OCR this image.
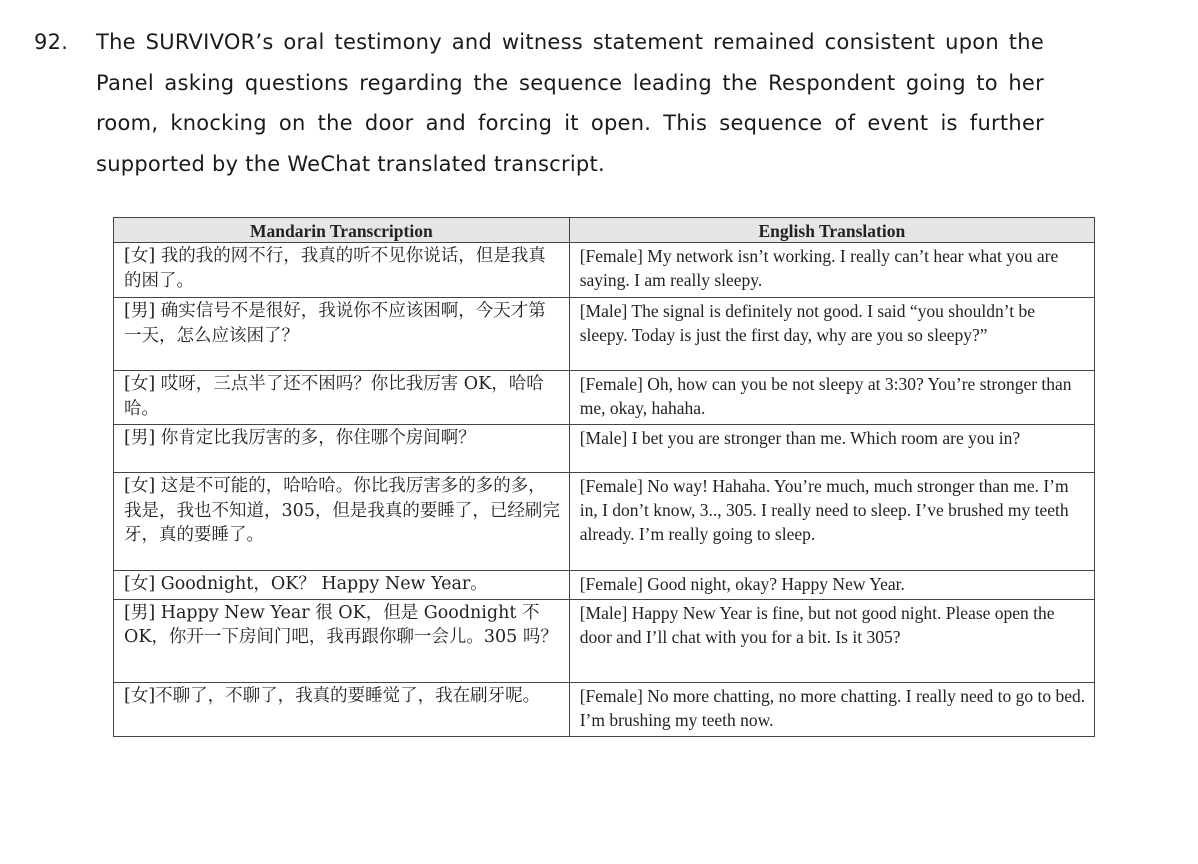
92. The SURVIVOR’s oral testimony and witness statement remained consistent upon the Panel asking questions regarding the sequence leading the Respondent going to her room, knocking on the door and forcing it open. This sequence of event is further supported by the WeChat translated transcript.
Mandarin Transcription	English Translation
[女] 我的我的网不行，我真的听不见你说话，但是我真的困了。	[Female] My network isn’t working. I really can’t hear what you are saying. I am really sleepy.
[男] 确实信号不是很好，我说你不应该困啊，今天才第一天，怎么应该困了？	[Male] The signal is definitely not good. I said “you shouldn’t be sleepy. Today is just the first day, why are you so sleepy?”
[女] 哎呀，三点半了还不困吗？你比我厉害 OK，哈哈哈。	[Female] Oh, how can you be not sleepy at 3:30? You’re stronger than me, okay, hahaha.
[男] 你肯定比我厉害的多，你住哪个房间啊？	[Male] I bet you are stronger than me. Which room are you in?
[女] 这是不可能的，哈哈哈。你比我厉害多的多的多，我是，我也不知道，305，但是我真的要睡了，已经刷完牙，真的要睡了。	[Female] No way! Hahaha. You’re much, much stronger than me. I’m in, I don’t know, 3.., 305. I really need to sleep. I’ve brushed my teeth already. I’m really going to sleep.
[女] Goodnight，OK？ Happy New Year。	[Female] Good night, okay? Happy New Year.
[男] Happy New Year 很 OK，但是 Goodnight 不 OK，你开一下房间门吧，我再跟你聊一会儿。305 吗？	[Male] Happy New Year is fine, but not good night. Please open the door and I’ll chat with you for a bit. Is it 305?
[女]不聊了，不聊了，我真的要睡觉了，我在刷牙呢。	[Female] No more chatting, no more chatting. I really need to go to bed. I’m brushing my teeth now.
